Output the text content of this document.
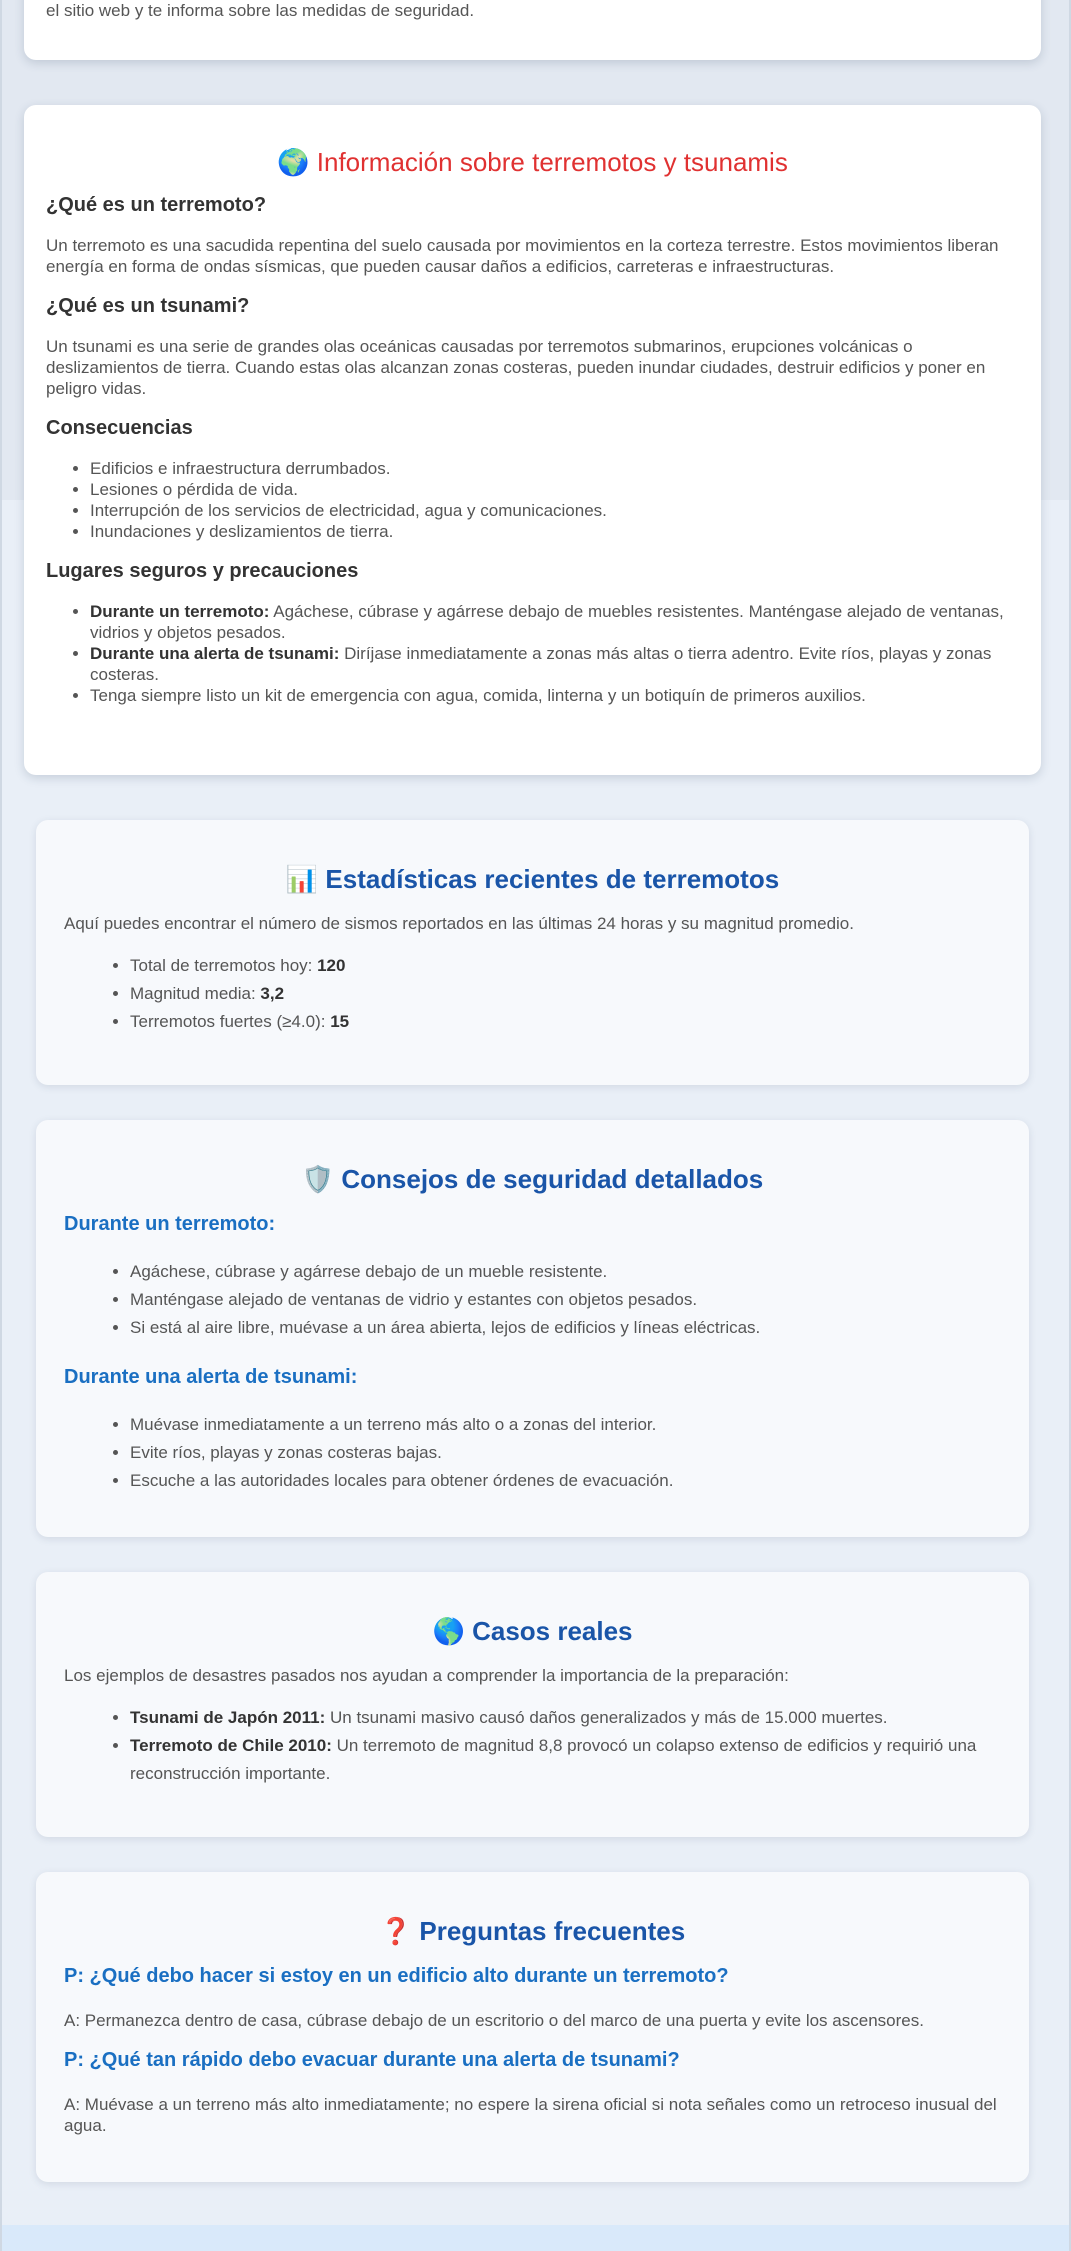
el sitio web y te informa sobre las medidas de seguridad.

🌍 Información sobre terremotos y tsunamis
¿Qué es un terremoto?

Un terremoto es una sacudida repentina del suelo causada por movimientos en la corteza terrestre. Estos movimientos liberan energía en forma de ondas sísmicas, que pueden causar daños a edificios, carreteras e infraestructuras.

¿Qué es un tsunami?

Un tsunami es una serie de grandes olas oceánicas causadas por terremotos submarinos, erupciones volcánicas o deslizamientos de tierra. Cuando estas olas alcanzan zonas costeras, pueden inundar ciudades, destruir edificios y poner en peligro vidas.

Consecuencias
• Edificios e infraestructura derrumbados.
• Lesiones o pérdida de vida.
• Interrupción de los servicios de electricidad, agua y comunicaciones.
• Inundaciones y deslizamientos de tierra.
Lugares seguros y precauciones
• Durante un terremoto: Agáchese, cúbrase y agárrese debajo de muebles resistentes. Manténgase alejado de ventanas, vidrios y objetos pesados.
• Durante una alerta de tsunami: Diríjase inmediatamente a zonas más altas o tierra adentro. Evite ríos, playas y zonas costeras.
• Tenga siempre listo un kit de emergencia con agua, comida, linterna y un botiquín de primeros auxilios.
📊 Estadísticas recientes de terremotos

Aquí puedes encontrar el número de sismos reportados en las últimas 24 horas y su magnitud promedio.

• Total de terremotos hoy: 120
• Magnitud media: 3,2
• Terremotos fuertes (≥4.0): 15
🛡️ Consejos de seguridad detallados
Durante un terremoto:
• Agáchese, cúbrase y agárrese debajo de un mueble resistente.
• Manténgase alejado de ventanas de vidrio y estantes con objetos pesados.
• Si está al aire libre, muévase a un área abierta, lejos de edificios y líneas eléctricas.
Durante una alerta de tsunami:
• Muévase inmediatamente a un terreno más alto o a zonas del interior.
• Evite ríos, playas y zonas costeras bajas.
• Escuche a las autoridades locales para obtener órdenes de evacuación.
🌎 Casos reales

Los ejemplos de desastres pasados nos ayudan a comprender la importancia de la preparación:

• Tsunami de Japón 2011: Un tsunami masivo causó daños generalizados y más de 15.000 muertes.
• Terremoto de Chile 2010: Un terremoto de magnitud 8,8 provocó un colapso extenso de edificios y requirió una reconstrucción importante.
❓ Preguntas frecuentes
P: ¿Qué debo hacer si estoy en un edificio alto durante un terremoto?

A: Permanezca dentro de casa, cúbrase debajo de un escritorio o del marco de una puerta y evite los ascensores.

P: ¿Qué tan rápido debo evacuar durante una alerta de tsunami?

A: Muévase a un terreno más alto inmediatamente; no espere la sirena oficial si nota señales como un retroceso inusual del agua.
